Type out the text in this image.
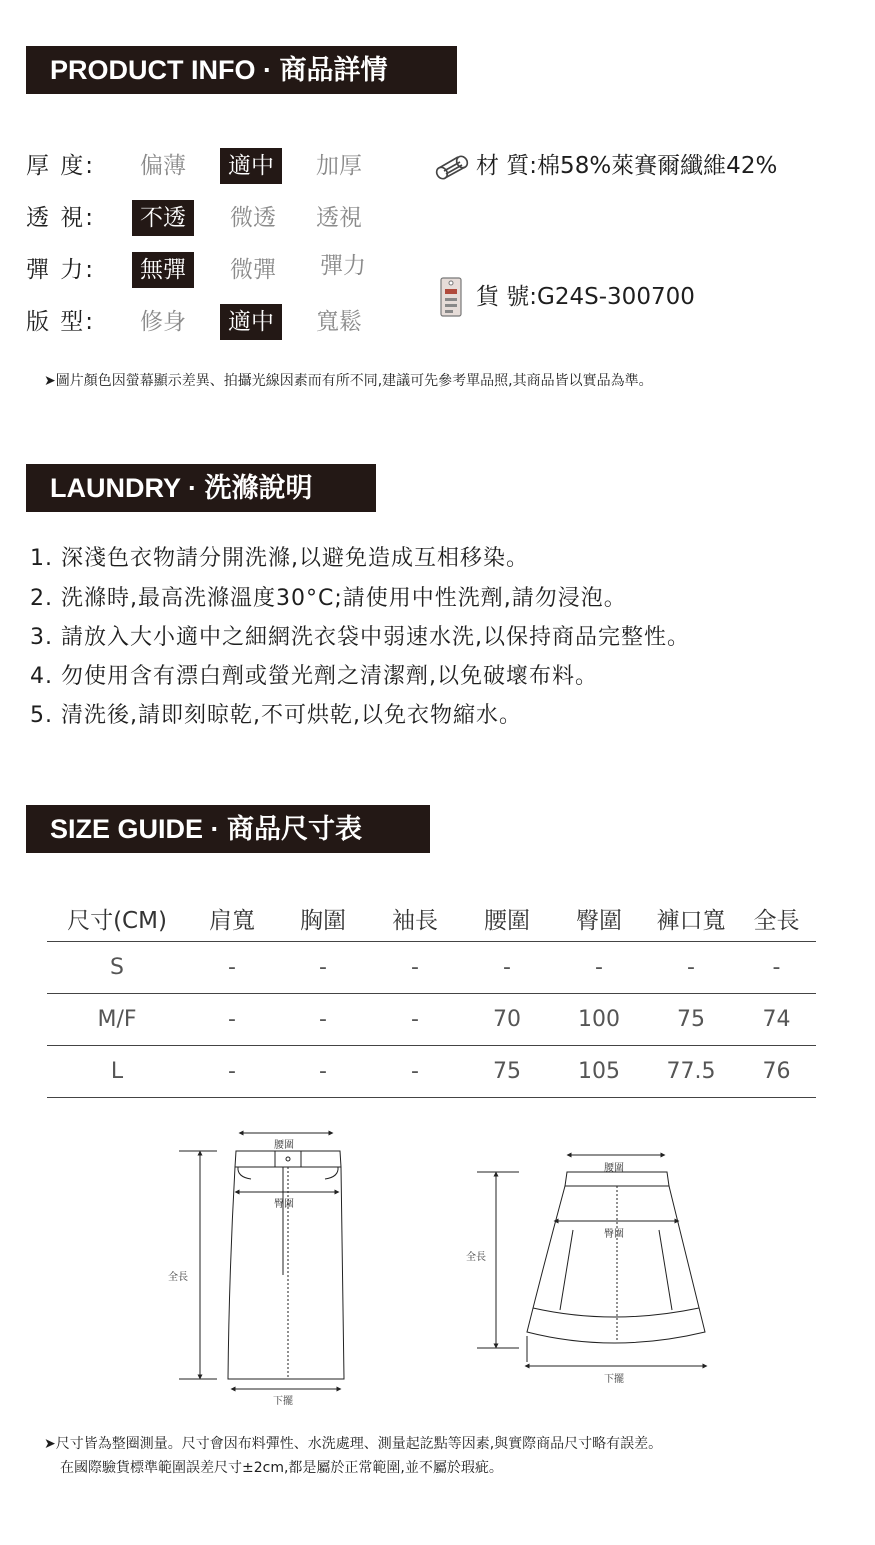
PRODUCT INFO · 商品詳情
厚 度: 偏薄	適中	加厚
透 視:	不透	微透 透視
彈 力:	無彈	微彈 彈力
版 型: 修身	適中	寬鬆
材 質:棉58%萊賽爾纖維42%
貨 號:G24S-300700
➤圖片顏色因螢幕顯示差異、拍攝光線因素而有所不同,建議可先參考單品照,其商品皆以實品為準。
LAUNDRY · 洗滌說明
1. 深淺色衣物請分開洗滌,以避免造成互相移染。
2. 洗滌時,最高洗滌溫度30°C;請使用中性洗劑,請勿浸泡。
3. 請放入大小適中之細網洗衣袋中弱速水洗,以保持商品完整性。
4. 勿使用含有漂白劑或螢光劑之清潔劑,以免破壞布料。
5. 清洗後,請即刻晾乾,不可烘乾,以免衣物縮水。
SIZE GUIDE · 商品尺寸表
尺寸(CM)	肩寬	胸圍	袖長	腰圍	臀圍	褲口寬	全長
S	-	-	-	-	-	-	-
M/F	-	-	-	70	100	75	74
L	-	-	-	75	105	77.5	76
腰圍
臀圍
全長
下擺
腰圍
臀圍
全長
下擺
➤尺寸皆為整圈測量。尺寸會因布料彈性、水洗處理、測量起訖點等因素,與實際商品尺寸略有誤差。
在國際驗貨標準範圍誤差尺寸±2cm,都是屬於正常範圍,並不屬於瑕疵。
